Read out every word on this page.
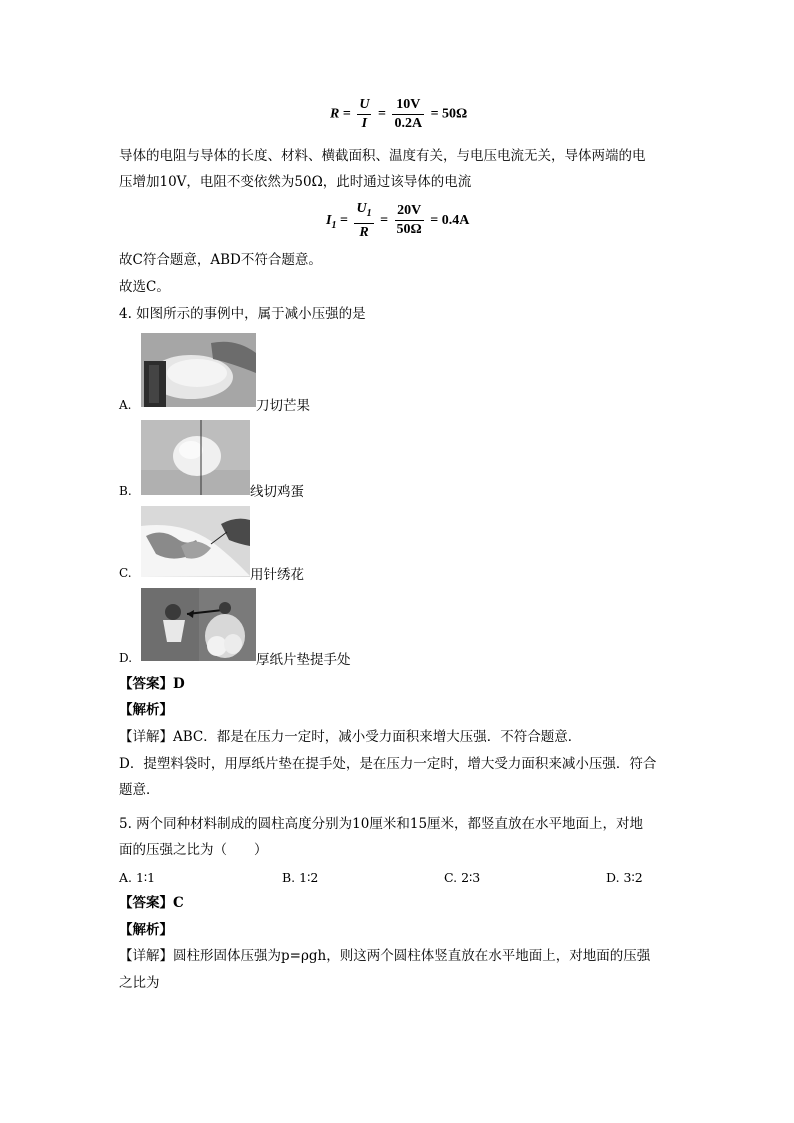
$R = \frac{U}{I} = \frac{10V}{0.2A} = 50\Omega$
导体的电阻与导体的长度、材料、横截面积、温度有关，与电压电流无关，导体两端的电
压增加10V，电阻不变依然为50Ω，此时通过该导体的电流
$I_1 = \frac{U_1}{R} = \frac{20V}{50\Omega} = 0.4A$
故C符合题意，ABD不符合题意。
故选C。
4. 如图所示的事例中，属于减小压强的是
A.	刀切芒果
B.	线切鸡蛋
C.	用针绣花
D.	厚纸片垫提手处
【答案】D
【解析】
【详解】ABC．都是在压力一定时，减小受力面积来增大压强．不符合题意．
D．提塑料袋时，用厚纸片垫在提手处，是在压力一定时，增大受力面积来减小压强．符合
题意．
5. 两个同种材料制成的圆柱高度分别为10厘米和15厘米，都竖直放在水平地面上，对地
面的压强之比为（　　）
A. 1∶1	B. 1∶2	C. 2∶3	D. 3∶2
【答案】C
【解析】
【详解】圆柱形固体压强为p=ρgh，则这两个圆柱体竖直放在水平地面上，对地面的压强
之比为
